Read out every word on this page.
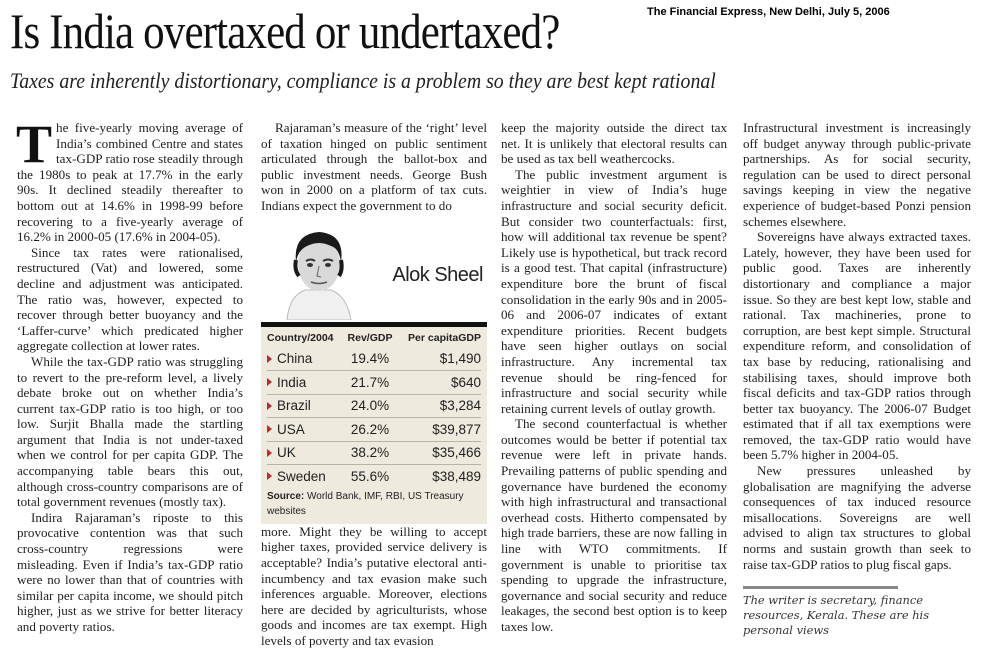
Is India overtaxed or undertaxed?	The Financial Express, New Delhi, July 5, 2006
Taxes are inherently distortionary, compliance is a problem so they are best kept rational

The five-yearly moving average of India’s combined Centre and states tax-GDP ratio rose steadily through the 1980s to peak at 17.7% in the early 90s. It declined steadily thereafter to bottom out at 14.6% in 1998-99 before recovering to a five-yearly average of 16.2% in 2000-05 (17.6% in 2004-05).

Since tax rates were rationalised, restructured (Vat) and lowered, some decline and adjustment was anticipated. The ratio was, however, expected to recover through better buoyancy and the ‘Laffer-curve’ which predicated higher aggregate collection at lower rates.

While the tax-GDP ratio was struggling to revert to the pre-reform level, a lively debate broke out on whether India’s current tax-GDP ratio is too high, or too low. Surjit Bhalla made the startling argument that India is not under-taxed when we control for per capita GDP. The accompanying table bears this out, although cross-country comparisons are of total government revenues (mostly tax).

Indira Rajaraman’s riposte to this provocative contention was that such cross-country regressions were misleading. Even if India’s tax-GDP ratio were no lower than that of countries with similar per capita income, we should pitch higher, just as we strive for better literacy and poverty ratios.

Rajaraman’s measure of the ‘right’ level of taxation hinged on public sentiment articulated through the ballot-box and public investment needs. George Bush won in 2000 on a platform of tax cuts. Indians expect the government to do

Alok Sheel
Country/2004	Rev/GDP	Per capitaGDP
China	19.4%	$1,490
India	21.7%	$640
Brazil	24.0%	$3,284
USA	26.2%	$39,877
UK	38.2%	$35,466
Sweden	55.6%	$38,489
Source: World Bank, IMF, RBI, US Treasury websites

more. Might they be willing to accept higher taxes, provided service delivery is acceptable? India’s putative electoral anti-incumbency and tax evasion make such inferences arguable. Moreover, elections here are decided by agriculturists, whose goods and incomes are tax exempt. High levels of poverty and tax evasion

keep the majority outside the direct tax net. It is unlikely that electoral results can be used as tax bell weathercocks.

The public investment argument is weightier in view of India’s huge infrastructure and social security deficit. But consider two counterfactuals: first, how will additional tax revenue be spent? Likely use is hypothetical, but track record is a good test. That capital (infrastructure) expenditure bore the brunt of fiscal consolidation in the early 90s and in 2005-06 and 2006-07 indicates of extant expenditure priorities. Recent budgets have seen higher outlays on social infrastructure. Any incremental tax revenue should be ring-fenced for infrastructure and social security while retaining current levels of outlay growth.

The second counterfactual is whether outcomes would be better if potential tax revenue were left in private hands. Prevailing patterns of public spending and governance have burdened the economy with high infrastructural and transactional overhead costs. Hitherto compensated by high trade barriers, these are now falling in line with WTO commitments. If government is unable to prioritise tax spending to upgrade the infrastructure, governance and social security and reduce leakages, the second best option is to keep taxes low.

Infrastructural investment is increasingly off budget anyway through public-private partnerships. As for social security, regulation can be used to direct personal savings keeping in view the negative experience of budget-based Ponzi pension schemes elsewhere.

Sovereigns have always extracted taxes. Lately, however, they have been used for public good. Taxes are inherently distortionary and compliance a major issue. So they are best kept low, stable and rational. Tax machineries, prone to corruption, are best kept simple. Structural expenditure reform, and consolidation of tax base by reducing, rationalising and stabilising taxes, should improve both fiscal deficits and tax-GDP ratios through better tax buoyancy. The 2006-07 Budget estimated that if all tax exemptions were removed, the tax-GDP ratio would have been 5.7% higher in 2004-05.

New pressures unleashed by globalisation are magnifying the adverse consequences of tax induced resource misallocations. Sovereigns are well advised to align tax structures to global norms and sustain growth than seek to raise tax-GDP ratios to plug fiscal gaps.

The writer is secretary, finance resources, Kerala. These are his personal views
